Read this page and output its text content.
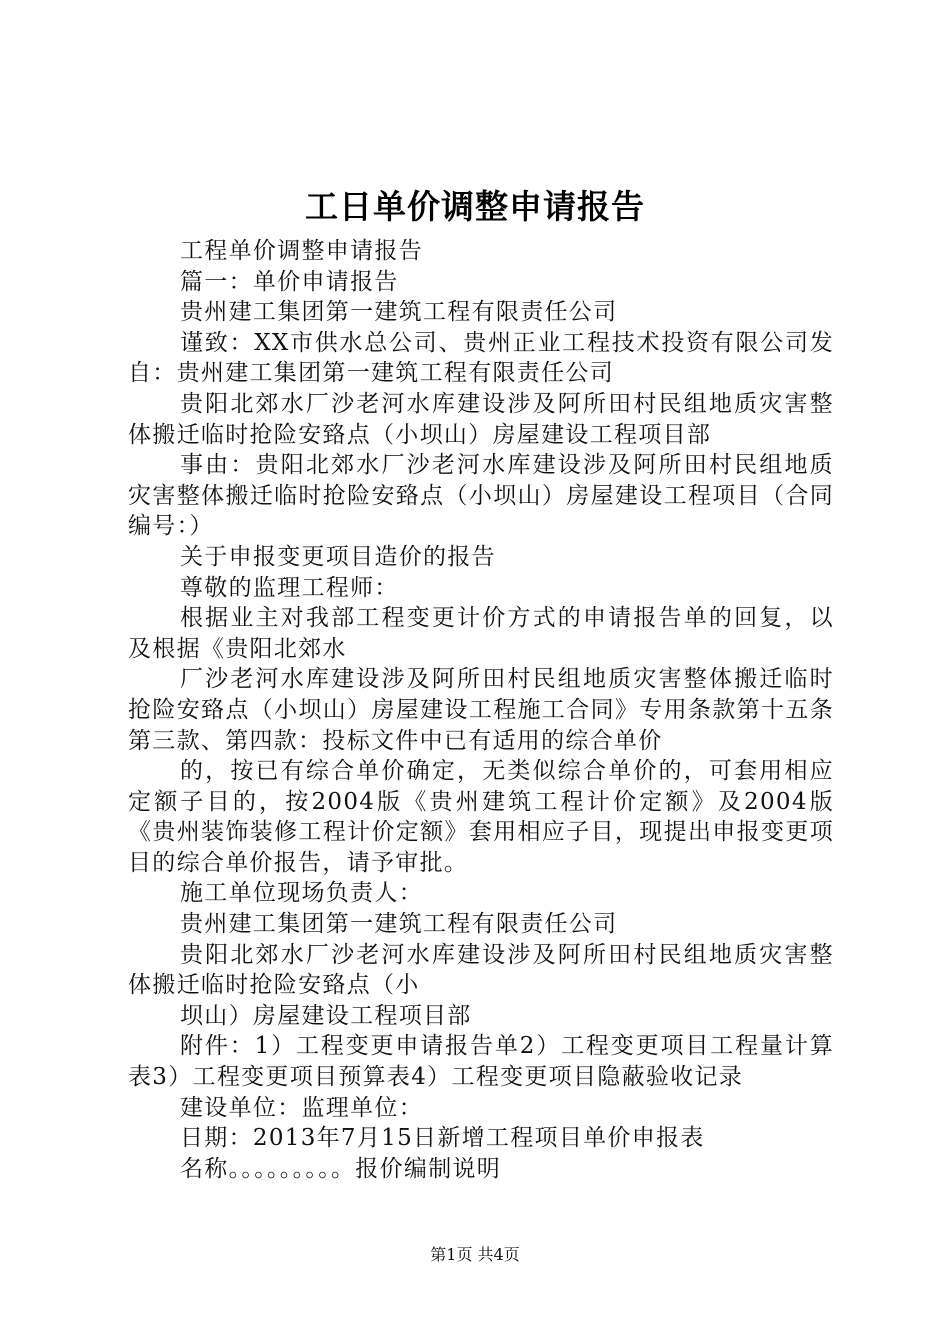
工日单价调整申请报告

工程单价调整申请报告

篇一：单价申请报告

贵州建工集团第一建筑工程有限责任公司

谨致：XX市供水总公司、贵州正业工程技术投资有限公司发自：贵州建工集团第一建筑工程有限责任公司

贵阳北郊水厂沙老河水库建设涉及阿所田村民组地质灾害整体搬迁临时抢险安臵点（小坝山）房屋建设工程项目部

事由：贵阳北郊水厂沙老河水库建设涉及阿所田村民组地质灾害整体搬迁临时抢险安臵点（小坝山）房屋建设工程项目（合同编号：）

关于申报变更项目造价的报告

尊敬的监理工程师：

根据业主对我部工程变更计价方式的申请报告单的回复，以及根据《贵阳北郊水

厂沙老河水库建设涉及阿所田村民组地质灾害整体搬迁临时抢险安臵点（小坝山）房屋建设工程施工合同》专用条款第十五条第三款、第四款：投标文件中已有适用的综合单价

的，按已有综合单价确定，无类似综合单价的，可套用相应定额子目的，按2004版《贵州建筑工程计价定额》及2004版《贵州装饰装修工程计价定额》套用相应子目，现提出申报变更项目的综合单价报告，请予审批。

施工单位现场负责人：

贵州建工集团第一建筑工程有限责任公司

贵阳北郊水厂沙老河水库建设涉及阿所田村民组地质灾害整体搬迁临时抢险安臵点（小

坝山）房屋建设工程项目部

附件：1）工程变更申请报告单2）工程变更项目工程量计算表3）工程变更项目预算表4）工程变更项目隐蔽验收记录

建设单位：监理单位：

日期：2013年7月15日新增工程项目单价申报表

名称。。。。。。。。。报价编制说明

第1页 共4页
